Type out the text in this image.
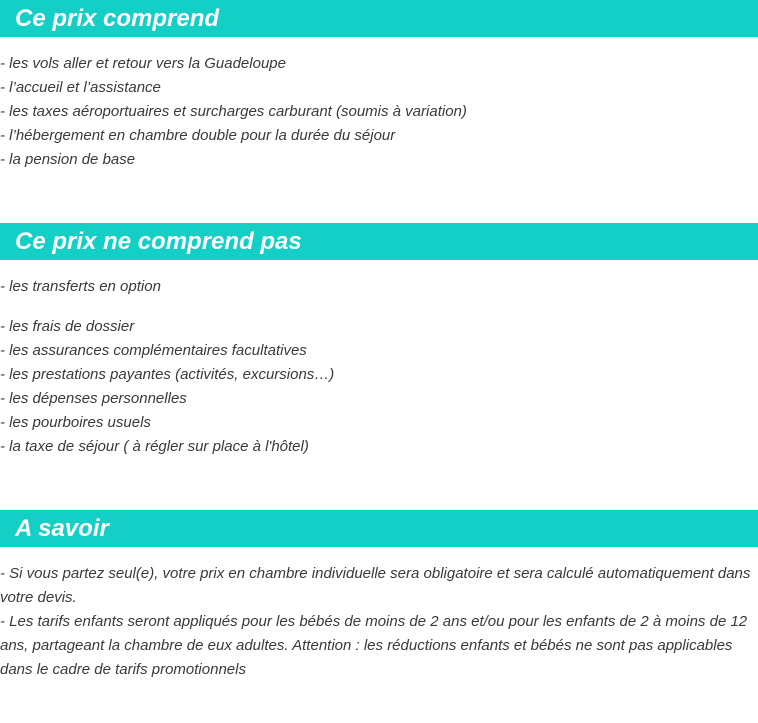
Ce prix comprend
- les vols aller et retour vers la Guadeloupe
- l’accueil et l’assistance
- les taxes aéroportuaires et surcharges carburant (soumis à variation)
- l’hébergement en chambre double pour la durée du séjour
- la pension de base
Ce prix ne comprend pas
- les transferts en option
- les frais de dossier
- les assurances complémentaires facultatives
- les prestations payantes (activités, excursions…)
- les dépenses personnelles
- les pourboires usuels
- la taxe de séjour ( à régler sur place à l'hôtel)
A savoir
- Si vous partez seul(e), votre prix en chambre individuelle sera obligatoire et sera calculé automatiquement dans votre devis.
- Les tarifs enfants seront appliqués pour les bébés de moins de 2 ans et/ou pour les enfants de 2 à moins de 12 ans, partageant la chambre de eux adultes. Attention : les réductions enfants et bébés ne sont pas applicables dans le cadre de tarifs promotionnels
